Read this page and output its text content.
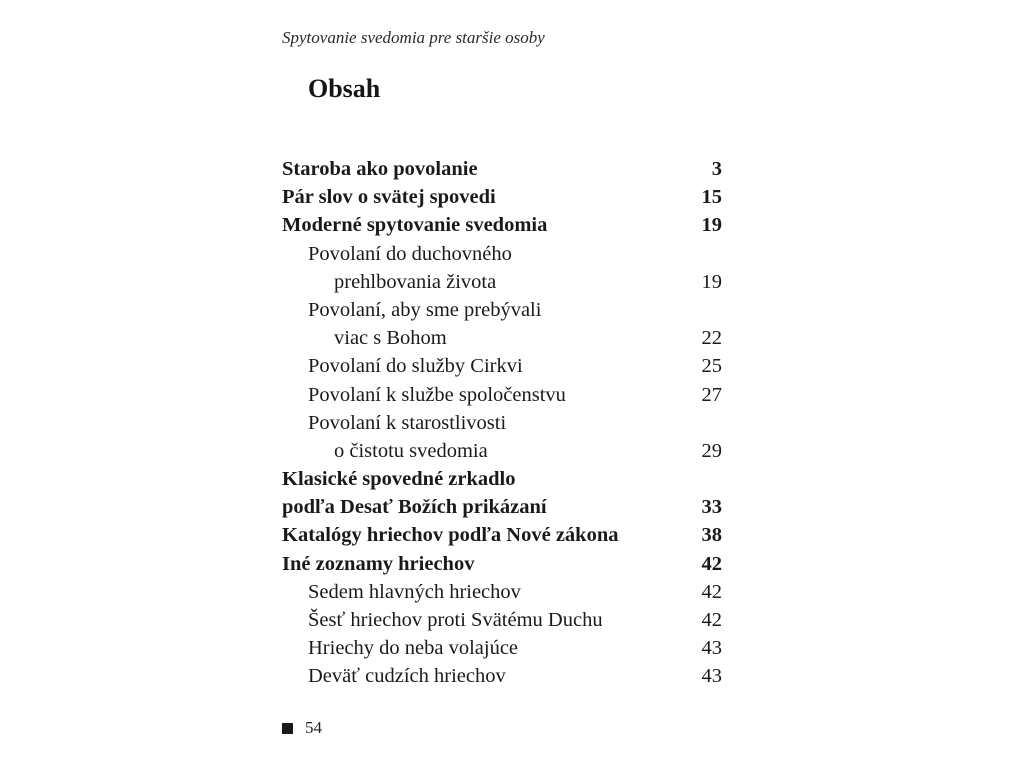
Spytovanie svedomia pre staršie osoby
Obsah
Staroba ako povolanie	3
Pár slov o svätej spovedi	15
Moderné spytovanie svedomia	19
Povolaní do duchovného
prehlbovania života	19
Povolaní, aby sme prebývali
viac s Bohom	22
Povolaní do služby Cirkvi	25
Povolaní k službe spoločenstvu	27
Povolaní k starostlivosti
o čistotu svedomia	29
Klasické spovedné zrkadlo
podľa Desať Božích prikázaní	33
Katalógy hriechov podľa Nové zákona	38
Iné zoznamy hriechov	42
Sedem hlavných hriechov	42
Šesť hriechov proti Svätému Duchu	42
Hriechy do neba volajúce	43
Deväť cudzích hriechov	43
54
